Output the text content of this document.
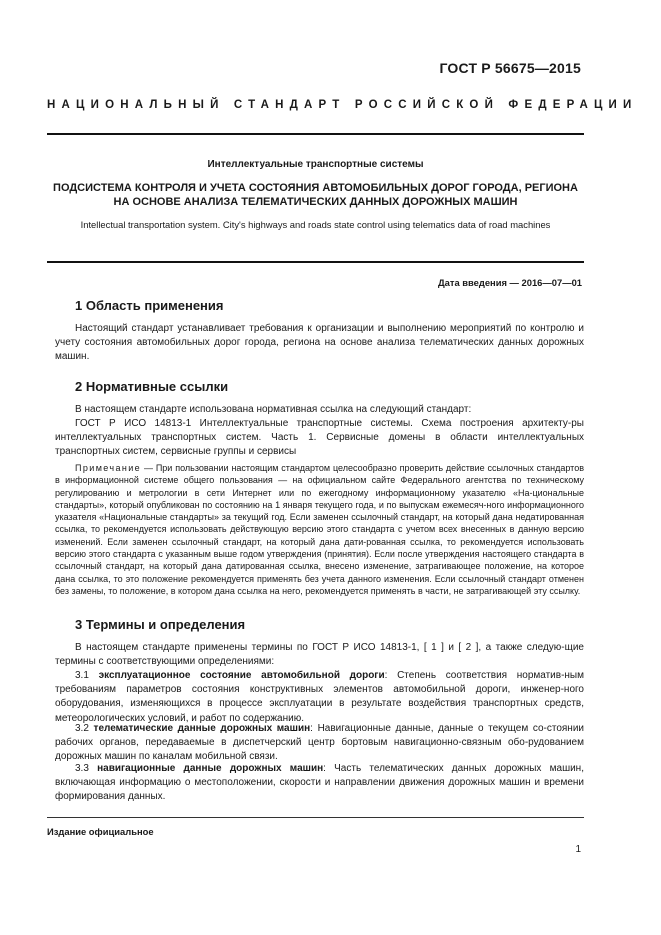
ГОСТ Р 56675—2015
НАЦИОНАЛЬНЫЙ СТАНДАРТ РОССИЙСКОЙ ФЕДЕРАЦИИ
Интеллектуальные транспортные системы
ПОДСИСТЕМА КОНТРОЛЯ И УЧЕТА СОСТОЯНИЯ АВТОМОБИЛЬНЫХ ДОРОГ ГОРОДА, РЕГИОНА
НА ОСНОВЕ АНАЛИЗА ТЕЛЕМАТИЧЕСКИХ ДАННЫХ ДОРОЖНЫХ МАШИН
Intellectual transportation system. City's highways and roads state control using telematics data of road machines
Дата введения — 2016—07—01
1 Область применения
Настоящий стандарт устанавливает требования к организации и выполнению мероприятий по контролю и учету состояния автомобильных дорог города, региона на основе анализа телематических данных дорожных машин.
2 Нормативные ссылки
В настоящем стандарте использована нормативная ссылка на следующий стандарт:
ГОСТ Р ИСО 14813-1 Интеллектуальные транспортные системы. Схема построения архитекту-ры интеллектуальных транспортных систем. Часть 1. Сервисные домены в области интеллектуальных транспортных систем, сервисные группы и сервисы
Примечание — При пользовании настоящим стандартом целесообразно проверить действие ссылочных стандартов в информационной системе общего пользования — на официальном сайте Федерального агентства по техническому регулированию и метрологии в сети Интернет или по ежегодному информационному указателю «На-циональные стандарты», который опубликован по состоянию на 1 января текущего года, и по выпускам ежемесяч-ного информационного указателя «Национальные стандарты» за текущий год. Если заменен ссылочный стандарт, на который дана недатированная ссылка, то рекомендуется использовать действующую версию этого стандарта с учетом всех внесенных в данную версию изменений. Если заменен ссылочный стандарт, на который дана дати-рованная ссылка, то рекомендуется использовать версию этого стандарта с указанным выше годом утверждения (принятия). Если после утверждения настоящего стандарта в ссылочный стандарт, на который дана датированная ссылка, внесено изменение, затрагивающее положение, на которое дана ссылка, то это положение рекомендуется применять без учета данного изменения. Если ссылочный стандарт отменен без замены, то положение, в котором дана ссылка на него, рекомендуется применять в части, не затрагивающей эту ссылку.
3 Термины и определения
В настоящем стандарте применены термины по ГОСТ Р ИСО 14813-1, [ 1 ] и [ 2 ], а также следую-щие термины с соответствующими определениями:
3.1 эксплуатационное состояние автомобильной дороги: Степень соответствия норматив-ным требованиям параметров состояния конструктивных элементов автомобильной дороги, инженер-ного оборудования, изменяющихся в процессе эксплуатации в результате воздействия транспортных средств, метеорологических условий, и работ по содержанию.
3.2 телематические данные дорожных машин: Навигационные данные, данные о текущем со-стоянии рабочих органов, передаваемые в диспетчерский центр бортовым навигационно-связным обо-рудованием дорожных машин по каналам мобильной связи.
3.3 навигационные данные дорожных машин: Часть телематических данных дорожных машин, включающая информацию о местоположении, скорости и направлении движения дорожных машин и времени формирования данных.
Издание официальное
1
